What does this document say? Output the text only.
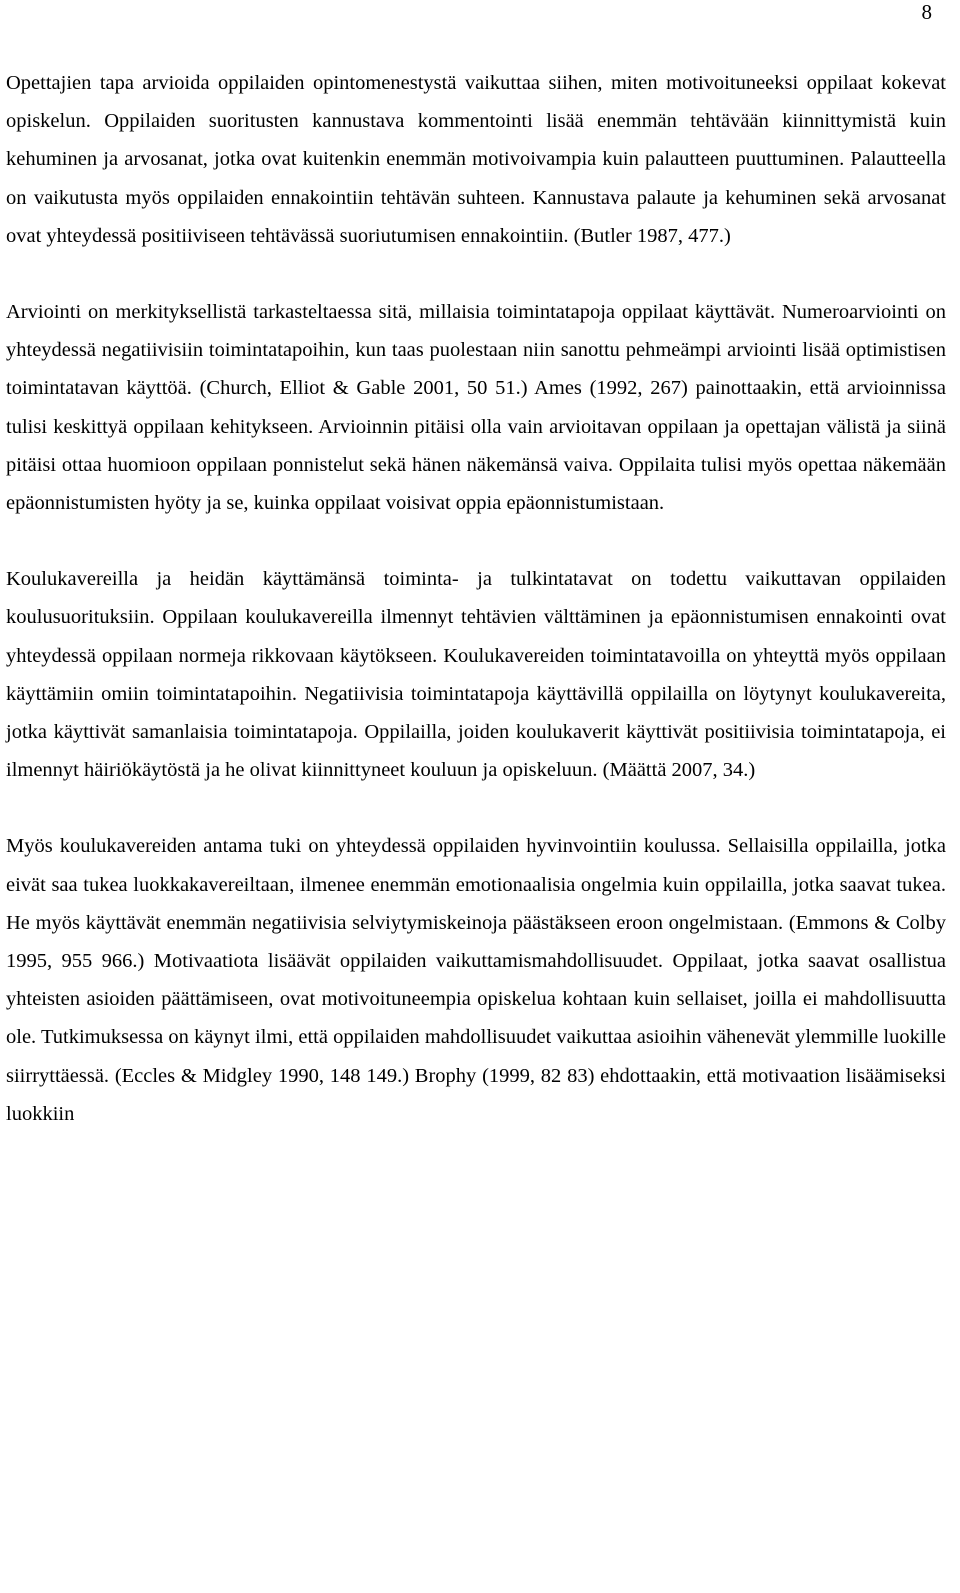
8

Opettajien tapa arvioida oppilaiden opintomenestystä vaikuttaa siihen, miten motivoituneeksi oppilaat kokevat opiskelun. Oppilaiden suoritusten kannustava kommentointi lisää enemmän tehtävään kiinnittymistä kuin kehuminen ja arvosanat, jotka ovat kuitenkin enemmän motivoivampia kuin palautteen puuttuminen. Palautteella on vaikutusta myös oppilaiden ennakointiin tehtävän suhteen. Kannustava palaute ja kehuminen sekä arvosanat ovat yhteydessä positiiviseen tehtävässä suoriutumisen ennakointiin. (Butler 1987, 477.)

Arviointi on merkityksellistä tarkasteltaessa sitä, millaisia toimintatapoja oppilaat käyttävät. Numeroarviointi on yhteydessä negatiivisiin toimintatapoihin, kun taas puolestaan niin sanottu pehmeämpi arviointi lisää optimistisen toimintatavan käyttöä. (Church, Elliot & Gable 2001, 50 51.) Ames (1992, 267) painottaakin, että arvioinnissa tulisi keskittyä oppilaan kehitykseen. Arvioinnin pitäisi olla vain arvioitavan oppilaan ja opettajan välistä ja siinä pitäisi ottaa huomioon oppilaan ponnistelut sekä hänen näkemänsä vaiva. Oppilaita tulisi myös opettaa näkemään epäonnistumisten hyöty ja se, kuinka oppilaat voisivat oppia epäonnistumistaan.

Koulukavereilla ja heidän käyttämänsä toiminta- ja tulkintatavat on todettu vaikuttavan oppilaiden koulusuorituksiin. Oppilaan koulukavereilla ilmennyt tehtävien välttäminen ja epäonnistumisen ennakointi ovat yhteydessä oppilaan normeja rikkovaan käytökseen. Koulukavereiden toimintatavoilla on yhteyttä myös oppilaan käyttämiin omiin toimintatapoihin. Negatiivisia toimintatapoja käyttävillä oppilailla on löytynyt koulukavereita, jotka käyttivät samanlaisia toimintatapoja. Oppilailla, joiden koulukaverit käyttivät positiivisia toimintatapoja, ei ilmennyt häiriökäytöstä ja he olivat kiinnittyneet kouluun ja opiskeluun. (Määttä 2007, 34.)

Myös koulukavereiden antama tuki on yhteydessä oppilaiden hyvinvointiin koulussa. Sellaisilla oppilailla, jotka eivät saa tukea luokkakavereiltaan, ilmenee enemmän emotionaalisia ongelmia kuin oppilailla, jotka saavat tukea. He myös käyttävät enemmän negatiivisia selviytymiskeinoja päästäkseen eroon ongelmistaan. (Emmons & Colby 1995, 955 966.) Motivaatiota lisäävät oppilaiden vaikuttamismahdollisuudet. Oppilaat, jotka saavat osallistua yhteisten asioiden päättämiseen, ovat motivoituneempia opiskelua kohtaan kuin sellaiset, joilla ei mahdollisuutta ole. Tutkimuksessa on käynyt ilmi, että oppilaiden mahdollisuudet vaikuttaa asioihin vähenevät ylemmille luokille siirryttäessä. (Eccles & Midgley 1990, 148 149.) Brophy (1999, 82 83) ehdottaakin, että motivaation lisäämiseksi luokkiin
